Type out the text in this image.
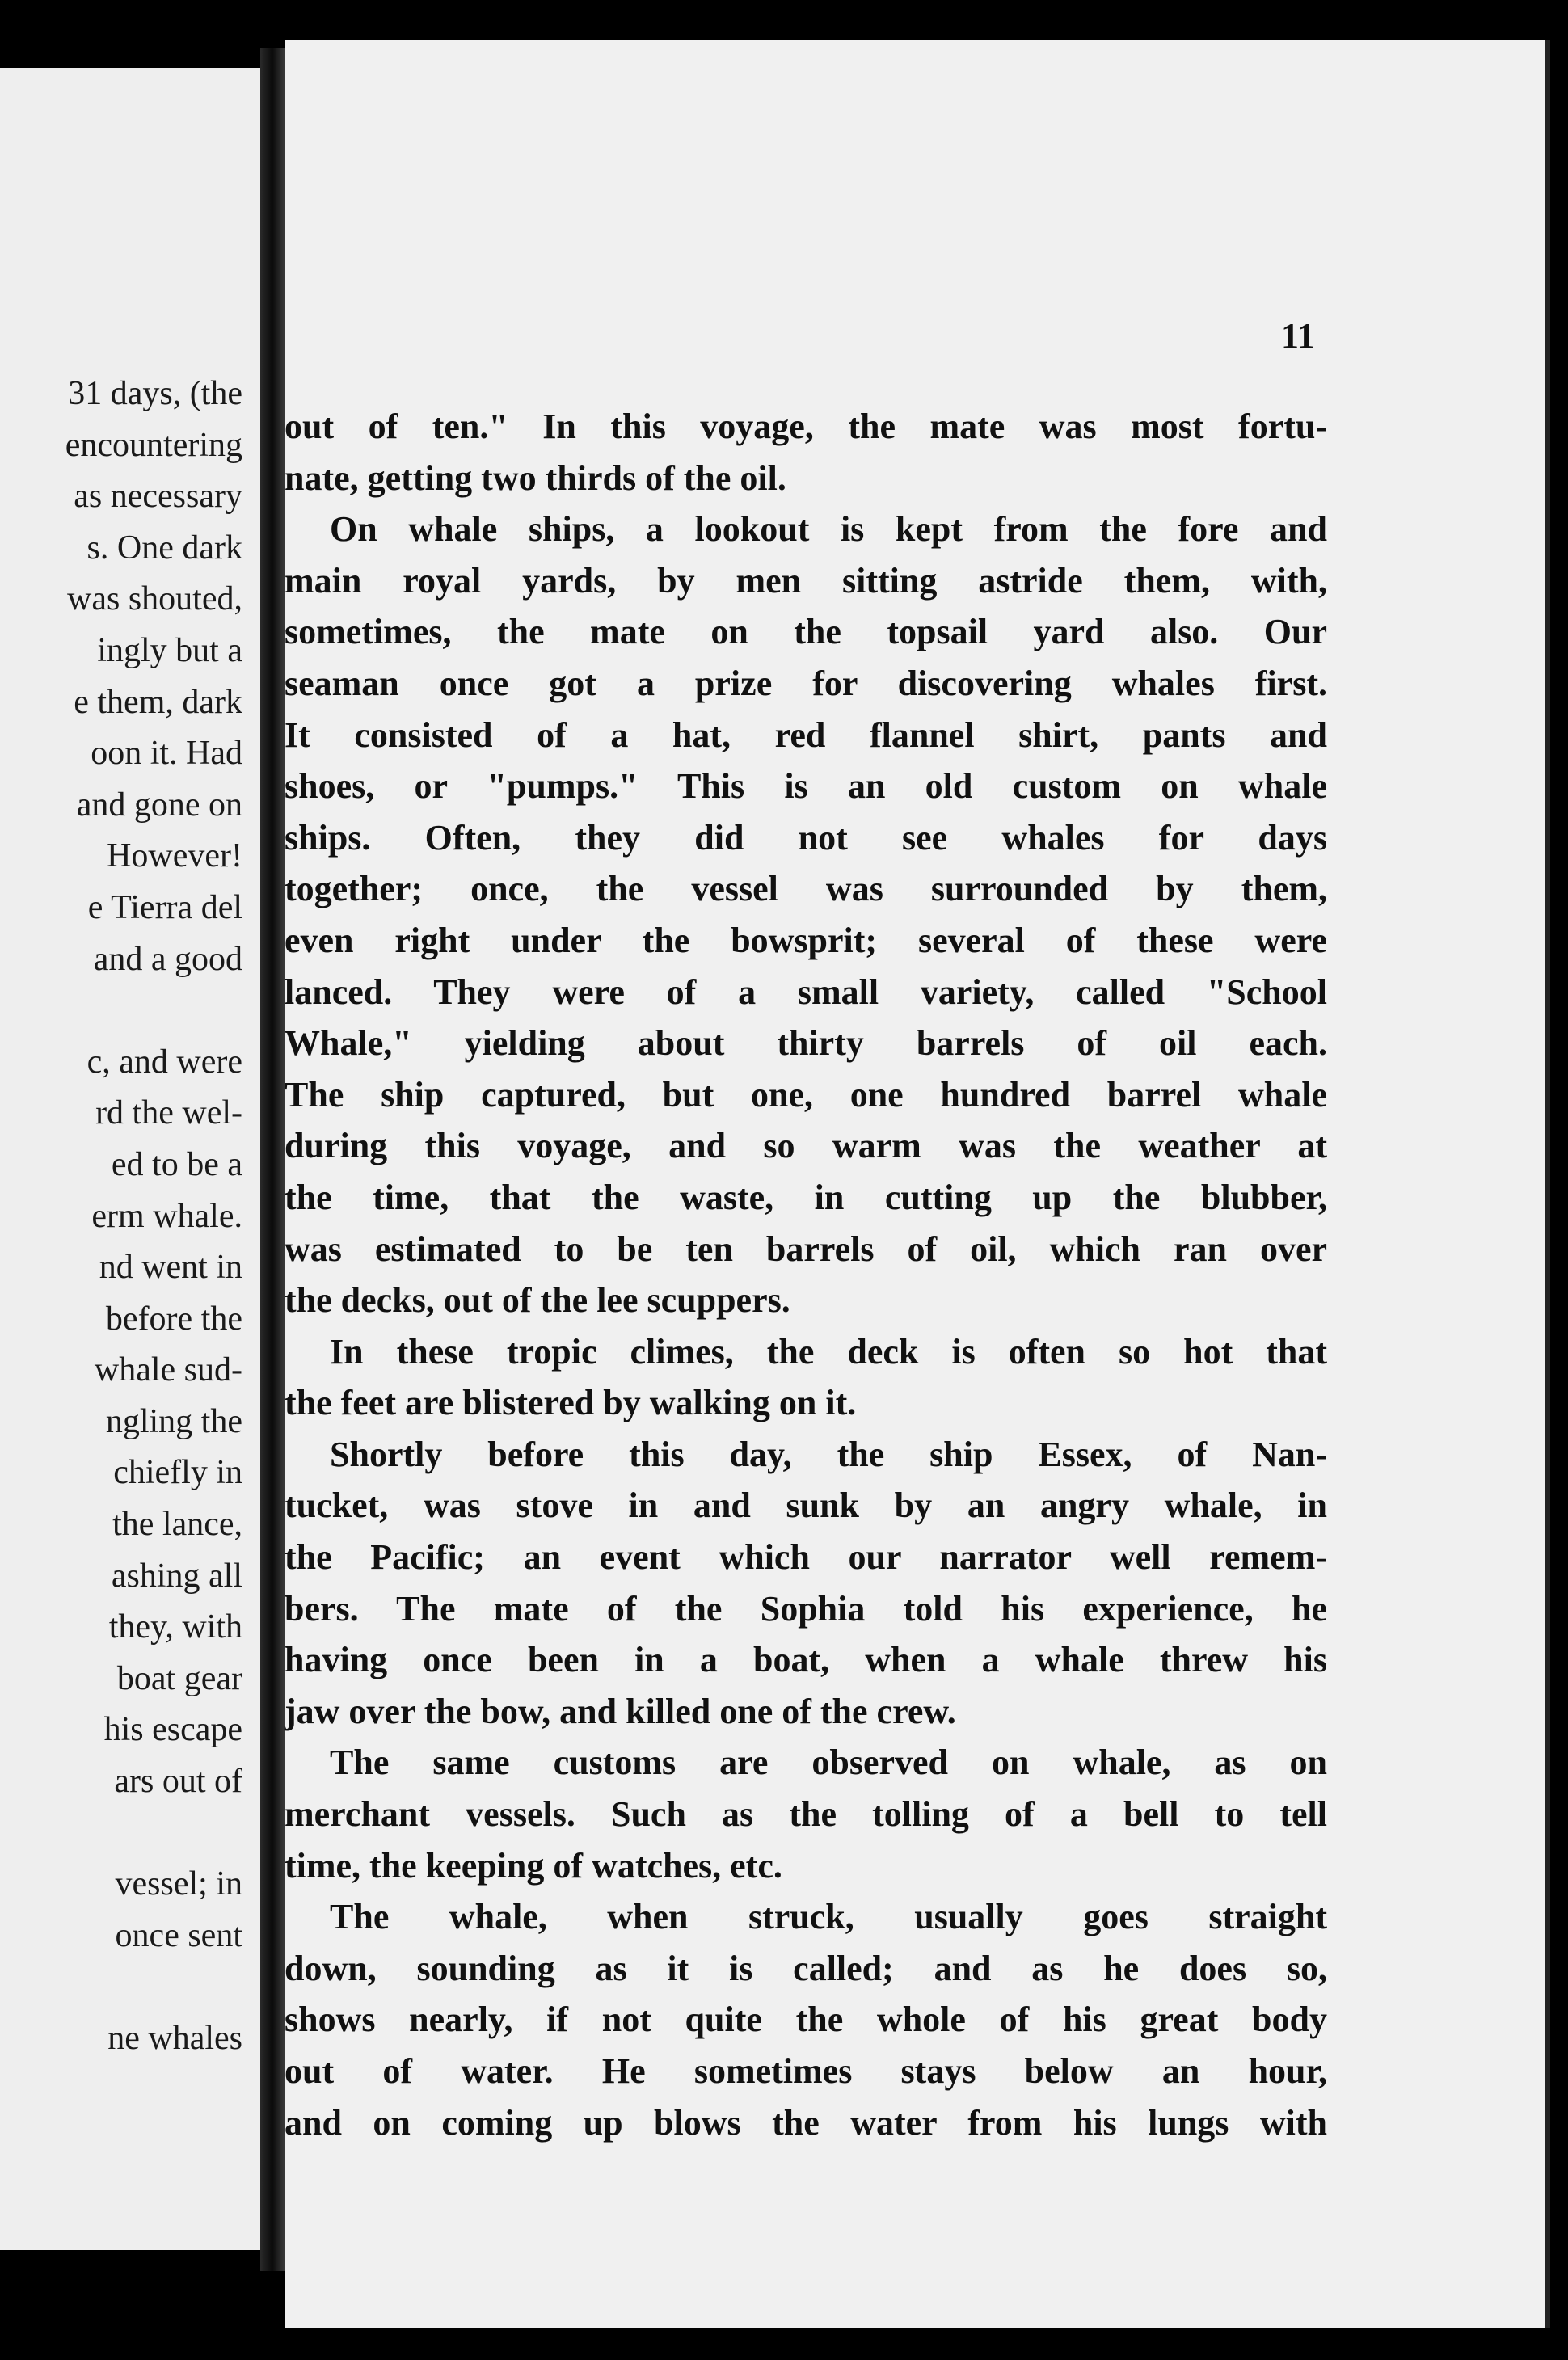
31 days, (the
encountering
as necessary
s. One dark
was shouted,
ingly but a
e them, dark
oon it. Had
and gone on
However!
e Tierra del
and a good
c, and were
rd the wel-
ed to be a
erm whale.
nd went in
before the
whale sud-
ngling the
chiefly in
the lance,
ashing all
they, with
boat gear
his escape
ars out of
vessel; in
once sent
ne whales
11
out of ten." In this voyage, the mate was most fortu-
nate, getting two thirds of the oil.
On whale ships, a lookout is kept from the fore and
main royal yards, by men sitting astride them, with,
sometimes, the mate on the topsail yard also. Our
seaman once got a prize for discovering whales first.
It consisted of a hat, red flannel shirt, pants and
shoes, or "pumps." This is an old custom on whale
ships. Often, they did not see whales for days
together; once, the vessel was surrounded by them,
even right under the bowsprit; several of these were
lanced. They were of a small variety, called "School
Whale," yielding about thirty barrels of oil each.
The ship captured, but one, one hundred barrel whale
during this voyage, and so warm was the weather at
the time, that the waste, in cutting up the blubber,
was estimated to be ten barrels of oil, which ran over
the decks, out of the lee scuppers.
In these tropic climes, the deck is often so hot that
the feet are blistered by walking on it.
Shortly before this day, the ship Essex, of Nan-
tucket, was stove in and sunk by an angry whale, in
the Pacific; an event which our narrator well remem-
bers. The mate of the Sophia told his experience, he
having once been in a boat, when a whale threw his
jaw over the bow, and killed one of the crew.
The same customs are observed on whale, as on
merchant vessels. Such as the tolling of a bell to tell
time, the keeping of watches, etc.
The whale, when struck, usually goes straight
down, sounding as it is called; and as he does so,
shows nearly, if not quite the whole of his great body
out of water. He sometimes stays below an hour,
and on coming up blows the water from his lungs with
